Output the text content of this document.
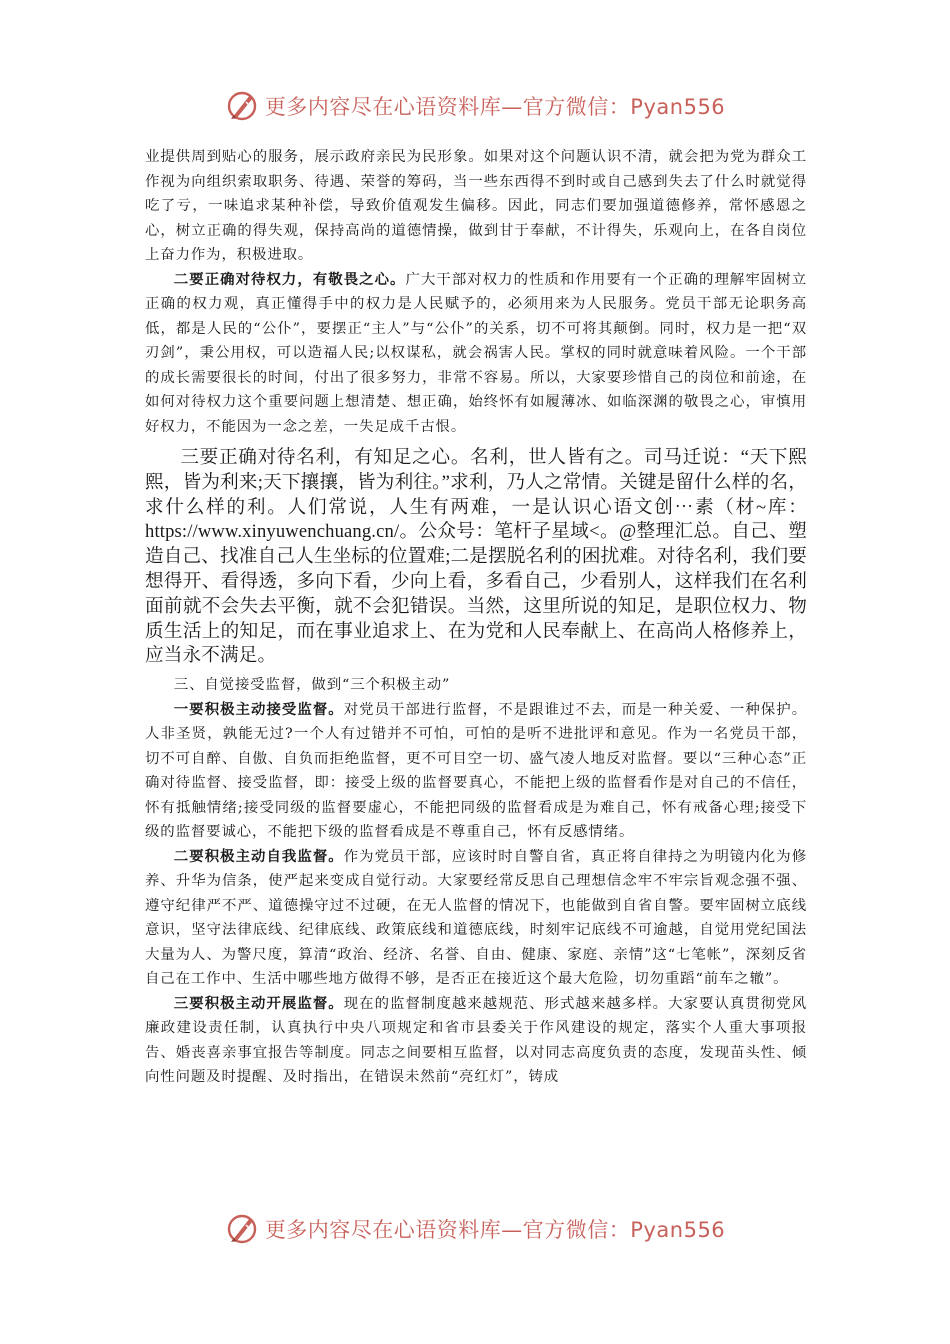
更多内容尽在心语资料库—官方微信：Pyan556

业提供周到贴心的服务，展示政府亲民为民形象。如果对这个问题认识不清，就会把为党为群众工作视为向组织索取职务、待遇、荣誉的筹码，当一些东西得不到时或自己感到失去了什么时就觉得吃了亏，一味追求某种补偿，导致价值观发生偏移。因此，同志们要加强道德修养，常怀感恩之心，树立正确的得失观，保持高尚的道德情操，做到甘于奉献，不计得失，乐观向上，在各自岗位上奋力作为，积极进取。

二要正确对待权力，有敬畏之心。广大干部对权力的性质和作用要有一个正确的理解牢固树立正确的权力观，真正懂得手中的权力是人民赋予的，必须用来为人民服务。党员干部无论职务高低，都是人民的“公仆”，要摆正“主人”与“公仆”的关系，切不可将其颠倒。同时，权力是一把“双刃剑”，秉公用权，可以造福人民;以权谋私，就会祸害人民。掌权的同时就意味着风险。一个干部的成长需要很长的时间，付出了很多努力，非常不容易。所以，大家要珍惜自己的岗位和前途，在如何对待权力这个重要问题上想清楚、想正确，始终怀有如履薄冰、如临深渊的敬畏之心，审慎用好权力，不能因为一念之差，一失足成千古恨。

三要正确对待名利，有知足之心。名利，世人皆有之。司马迁说：“天下熙熙，皆为利来;天下攘攘，皆为利往。”求利，乃人之常情。关键是留什么样的名，求什么样的利。人们常说，人生有两难，一是认识心语文创⋯素（材~库：https://www.xinyuwenchuang.cn/。公众号：笔杆子星域<。@整理汇总。自己、塑造自己、找准自己人生坐标的位置难;二是摆脱名利的困扰难。对待名利，我们要想得开、看得透，多向下看，少向上看，多看自己，少看别人，这样我们在名利面前就不会失去平衡，就不会犯错误。当然，这里所说的知足，是职位权力、物质生活上的知足，而在事业追求上、在为党和人民奉献上、在高尚人格修养上，应当永不满足。

三、自觉接受监督，做到“三个积极主动”

一要积极主动接受监督。对党员干部进行监督，不是跟谁过不去，而是一种关爱、一种保护。人非圣贤，孰能无过?一个人有过错并不可怕，可怕的是听不进批评和意见。作为一名党员干部，切不可自醉、自傲、自负而拒绝监督，更不可目空一切、盛气凌人地反对监督。要以“三种心态”正确对待监督、接受监督，即：接受上级的监督要真心，不能把上级的监督看作是对自己的不信任，怀有抵触情绪;接受同级的监督要虚心，不能把同级的监督看成是为难自己，怀有戒备心理;接受下级的监督要诚心，不能把下级的监督看成是不尊重自己，怀有反感情绪。

二要积极主动自我监督。作为党员干部，应该时时自警自省，真正将自律持之为明镜内化为修养、升华为信条，使严起来变成自觉行动。大家要经常反思自己理想信念牢不牢宗旨观念强不强、遵守纪律严不严、道德操守过不过硬，在无人监督的情况下，也能做到自省自警。要牢固树立底线意识，坚守法律底线、纪律底线、政策底线和道德底线，时刻牢记底线不可逾越，自觉用党纪国法大量为人、为警尺度，算清“政治、经济、名誉、自由、健康、家庭、亲情”这“七笔帐”，深刻反省自己在工作中、生活中哪些地方做得不够，是否正在接近这个最大危险，切勿重蹈“前车之辙”。

三要积极主动开展监督。现在的监督制度越来越规范、形式越来越多样。大家要认真贯彻党风廉政建设责任制，认真执行中央八项规定和省市县委关于作风建设的规定，落实个人重大事项报告、婚丧喜亲事宜报告等制度。同志之间要相互监督，以对同志高度负责的态度，发现苗头性、倾向性问题及时提醒、及时指出，在错误未然前“亮红灯”，铸成

更多内容尽在心语资料库—官方微信：Pyan556
